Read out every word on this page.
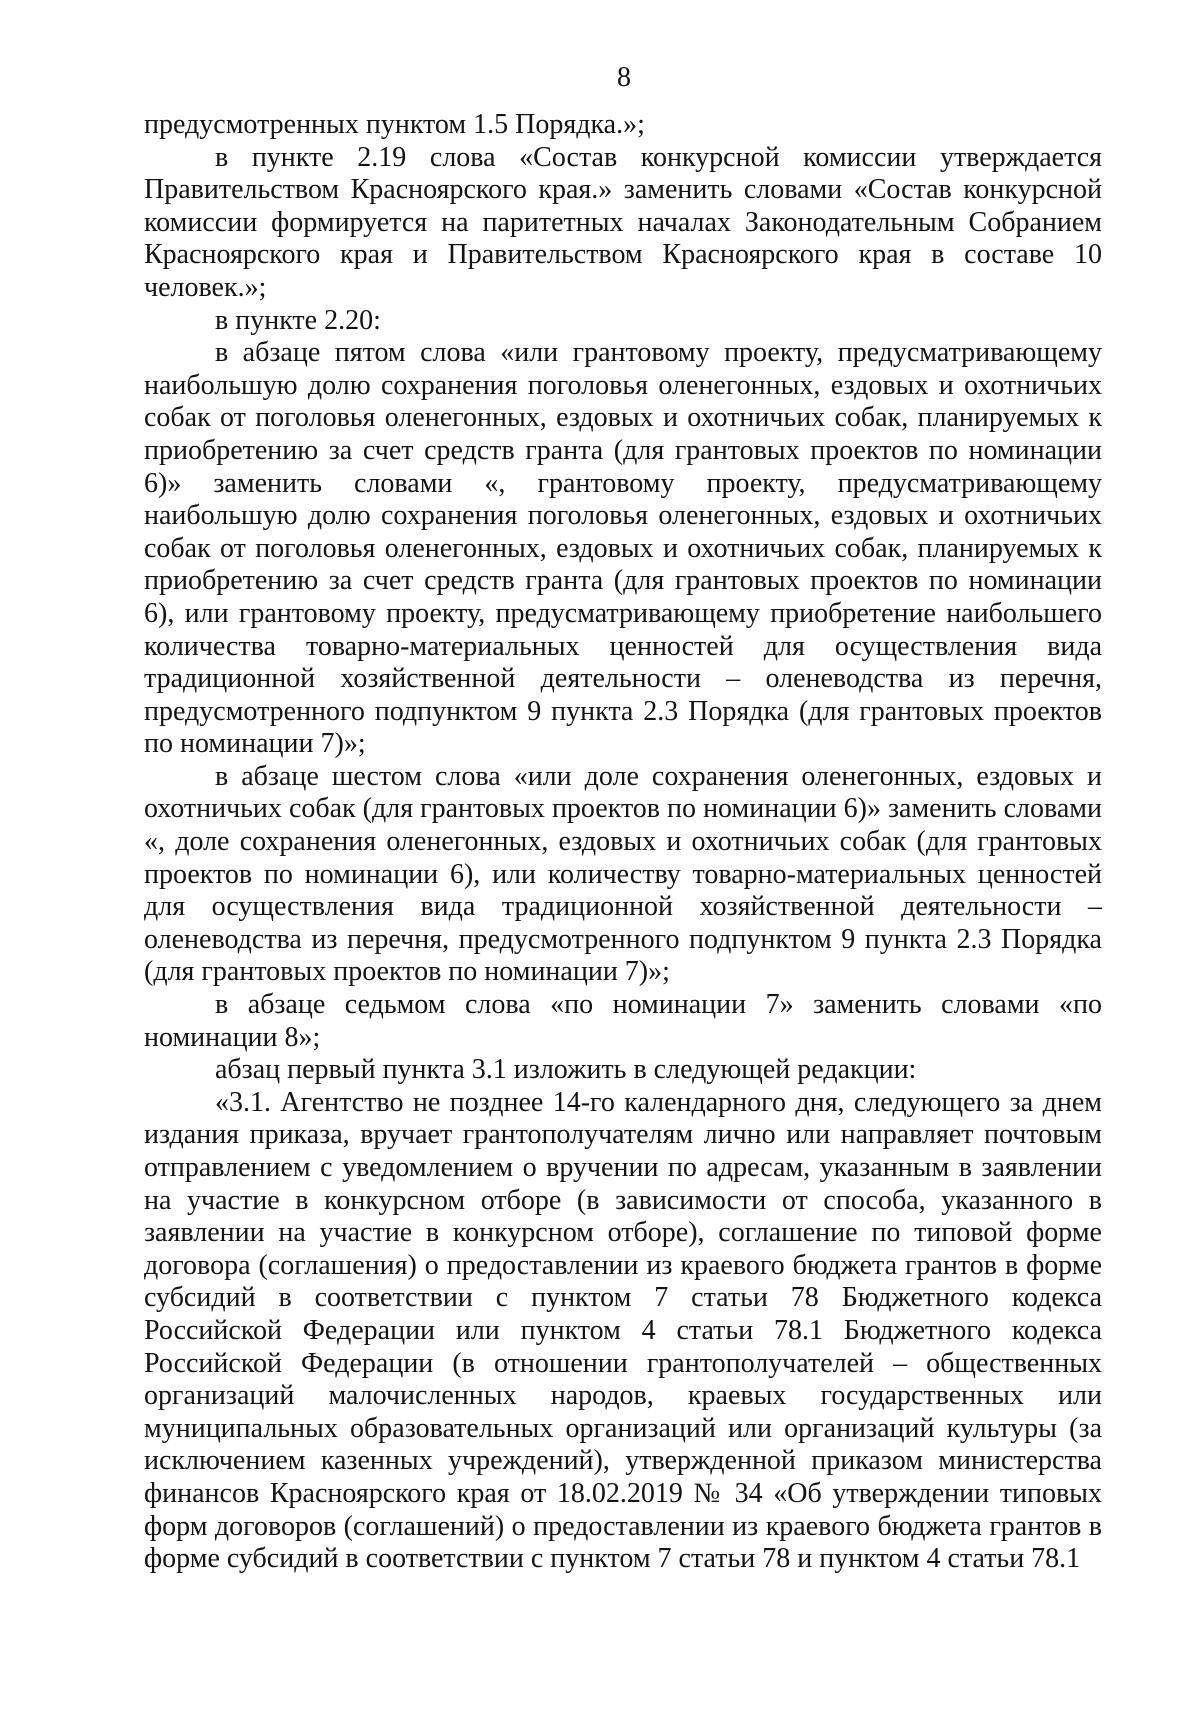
8

предусмотренных пунктом 1.5 Порядка.»;

в пункте 2.19 слова «Состав конкурсной комиссии утверждается Правительством Красноярского края.» заменить словами «Состав конкурсной комиссии формируется на паритетных началах Законодательным Собранием Красноярского края и Правительством Красноярского края в составе 10 человек.»;

в пункте 2.20:

в абзаце пятом слова «или грантовому проекту, предусматривающему наибольшую долю сохранения поголовья оленегонных, ездовых и охотничьих собак от поголовья оленегонных, ездовых и охотничьих собак, планируемых к приобретению за счет средств гранта (для грантовых проектов по номинации 6)» заменить словами «, грантовому проекту, предусматривающему наибольшую долю сохранения поголовья оленегонных, ездовых и охотничьих собак от поголовья оленегонных, ездовых и охотничьих собак, планируемых к приобретению за счет средств гранта (для грантовых проектов по номинации 6), или грантовому проекту, предусматривающему приобретение наибольшего количества товарно-материальных ценностей для осуществления вида традиционной хозяйственной деятельности – оленеводства из перечня, предусмотренного подпунктом 9 пункта 2.3 Порядка (для грантовых проектов по номинации 7)»;

в абзаце шестом слова «или доле сохранения оленегонных, ездовых и охотничьих собак (для грантовых проектов по номинации 6)» заменить словами «, доле сохранения оленегонных, ездовых и охотничьих собак (для грантовых проектов по номинации 6), или количеству товарно-материальных ценностей для осуществления вида традиционной хозяйственной деятельности – оленеводства из перечня, предусмотренного подпунктом 9 пункта 2.3 Порядка (для грантовых проектов по номинации 7)»;

в абзаце седьмом слова «по номинации 7» заменить словами «по номинации 8»;

абзац первый пункта 3.1 изложить в следующей редакции:

«3.1. Агентство не позднее 14-го календарного дня, следующего за днем издания приказа, вручает грантополучателям лично или направляет почтовым отправлением с уведомлением о вручении по адресам, указанным в заявлении на участие в конкурсном отборе (в зависимости от способа, указанного в заявлении на участие в конкурсном отборе), соглашение по типовой форме договора (соглашения) о предоставлении из краевого бюджета грантов в форме субсидий в соответствии с пунктом 7 статьи 78 Бюджетного кодекса Российской Федерации или пунктом 4 статьи 78.1 Бюджетного кодекса Российской Федерации (в отношении грантополучателей – общественных организаций малочисленных народов, краевых государственных или муниципальных образовательных организаций или организаций культуры (за исключением казенных учреждений), утвержденной приказом министерства финансов Красноярского края от 18.02.2019 № 34 «Об утверждении типовых форм договоров (соглашений) о предоставлении из краевого бюджета грантов в форме субсидий в соответствии с пунктом 7 статьи 78 и пунктом 4 статьи 78.1
